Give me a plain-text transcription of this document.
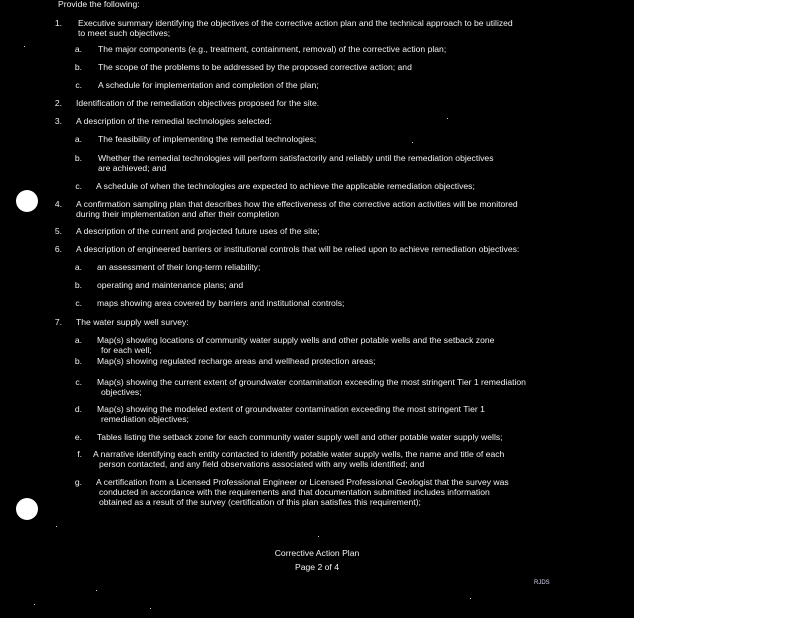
Provide the following:
1. Executive summary identifying the objectives of the corrective action plan and the technical approach to be utilized
to meet such objectives;
a. The major components (e.g., treatment, containment, removal) of the corrective action plan;
b. The scope of the problems to be addressed by the proposed corrective action; and
c. A schedule for implementation and completion of the plan;
2. Identification of the remediation objectives proposed for the site.
3. A description of the remedial technologies selected:
a. The feasibility of implementing the remedial technologies;
b. Whether the remedial technologies will perform satisfactorily and reliably until the remediation objectives
are achieved; and
c. A schedule of when the technologies are expected to achieve the applicable remediation objectives;
4. A confirmation sampling plan that describes how the effectiveness of the corrective action activities will be monitored
during their implementation and after their completion
5. A description of the current and projected future uses of the site;
6. A description of engineered barriers or institutional controls that will be relied upon to achieve remediation objectives:
a. an assessment of their long-term reliability;
b. operating and maintenance plans; and
c. maps showing area covered by barriers and institutional controls;
7. The water supply well survey:
a. Map(s) showing locations of community water supply wells and other potable wells and the setback zone
for each well;
b. Map(s) showing regulated recharge areas and wellhead protection areas;
c. Map(s) showing the current extent of groundwater contamination exceeding the most stringent Tier 1 remediation
objectives;
d. Map(s) showing the modeled extent of groundwater contamination exceeding the most stringent Tier 1
remediation objectives;
e. Tables listing the setback zone for each community water supply well and other potable water supply wells;
f. A narrative identifying each entity contacted to identify potable water supply wells, the name and title of each
person contacted, and any field observations associated with any wells identified; and
g. A certification from a Licensed Professional Engineer or Licensed Professional Geologist that the survey was
conducted in accordance with the requirements and that documentation submitted includes information
obtained as a result of the survey (certification of this plan satisfies this requirement);
Corrective Action Plan
Page 2 of 4
RJDS
